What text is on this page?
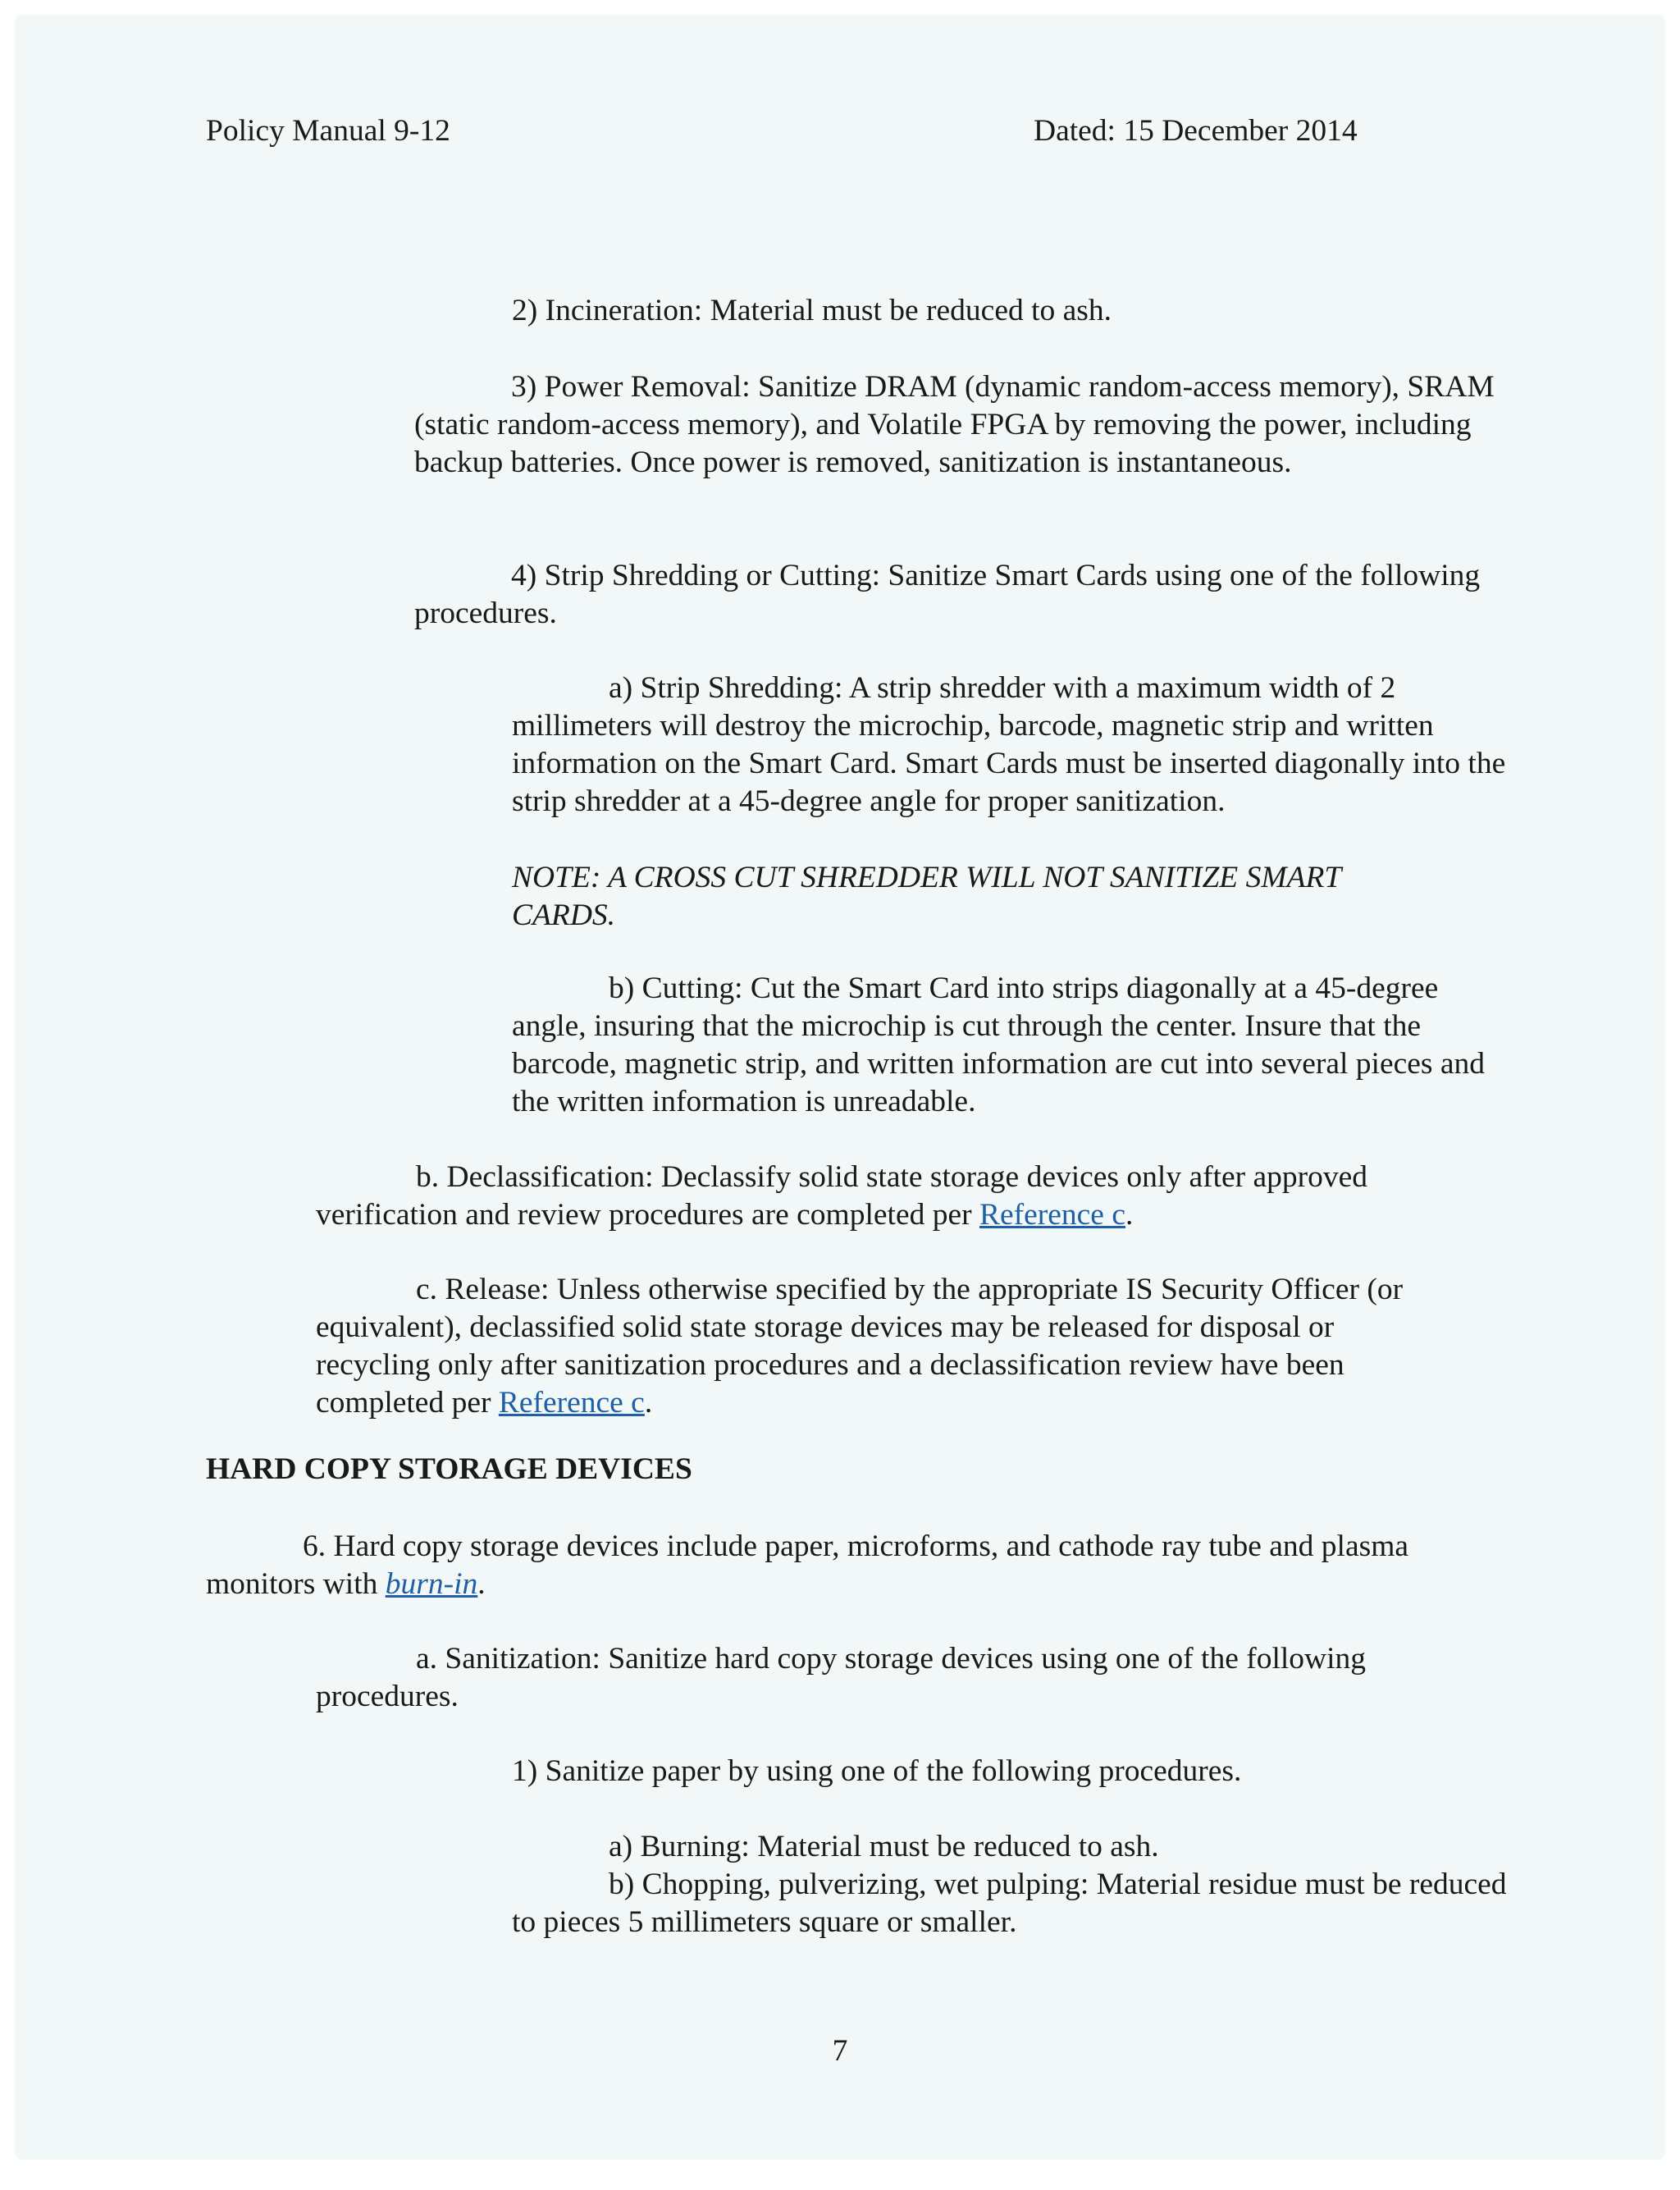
Policy Manual 9-12	Dated: 15 December 2014

2) Incineration: Material must be reduced to ash.

3) Power Removal: Sanitize DRAM (dynamic random-access memory), SRAM (static random-access memory), and Volatile FPGA by removing the power, including backup batteries. Once power is removed, sanitization is instantaneous.

4) Strip Shredding or Cutting: Sanitize Smart Cards using one of the following procedures.

a) Strip Shredding: A strip shredder with a maximum width of 2 millimeters will destroy the microchip, barcode, magnetic strip and written information on the Smart Card. Smart Cards must be inserted diagonally into the strip shredder at a 45-degree angle for proper sanitization.

NOTE: A CROSS CUT SHREDDER WILL NOT SANITIZE SMART CARDS.

b) Cutting: Cut the Smart Card into strips diagonally at a 45-degree angle, insuring that the microchip is cut through the center. Insure that the barcode, magnetic strip, and written information are cut into several pieces and the written information is unreadable.

b. Declassification: Declassify solid state storage devices only after approved verification and review procedures are completed per Reference c.

c. Release: Unless otherwise specified by the appropriate IS Security Officer (or equivalent), declassified solid state storage devices may be released for disposal or recycling only after sanitization procedures and a declassification review have been completed per Reference c.

HARD COPY STORAGE DEVICES

6. Hard copy storage devices include paper, microforms, and cathode ray tube and plasma monitors with burn-in.

a. Sanitization: Sanitize hard copy storage devices using one of the following procedures.

1) Sanitize paper by using one of the following procedures.

a) Burning: Material must be reduced to ash.

b) Chopping, pulverizing, wet pulping: Material residue must be reduced to pieces 5 millimeters square or smaller.

7
